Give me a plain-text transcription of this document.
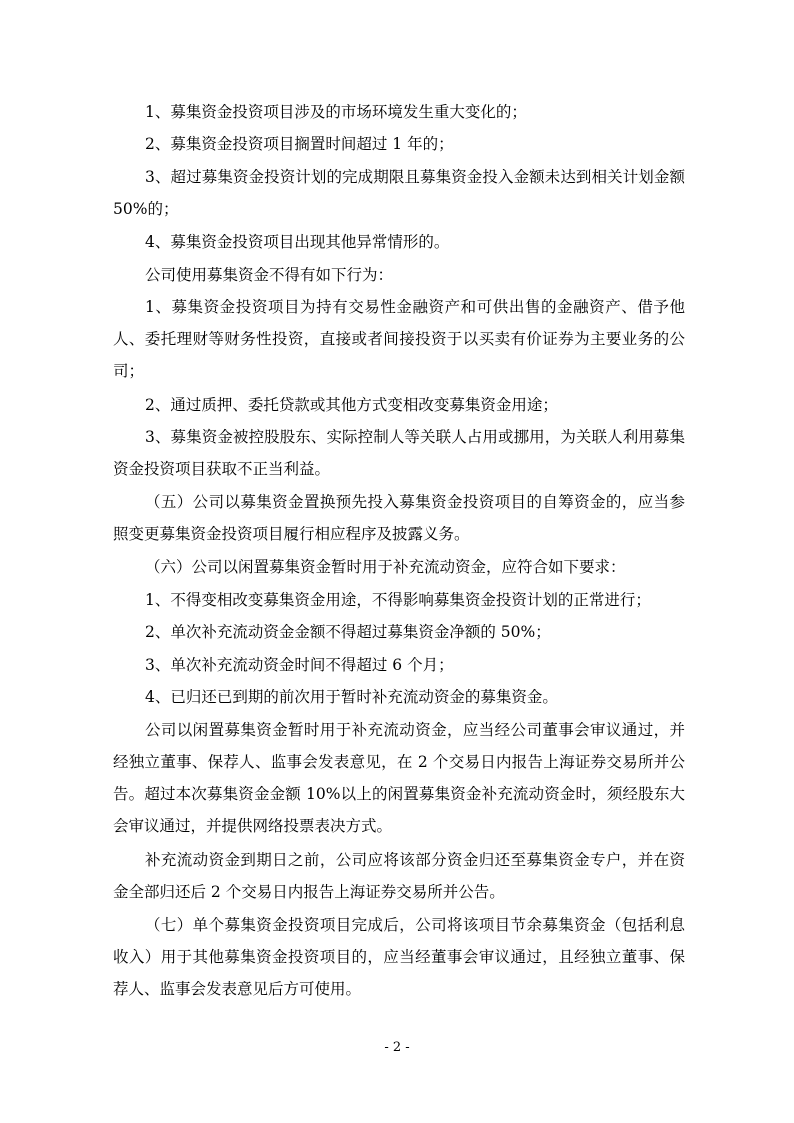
1、募集资金投资项目涉及的市场环境发生重大变化的；

2、募集资金投资项目搁置时间超过 1 年的；

3、超过募集资金投资计划的完成期限且募集资金投入金额未达到相关计划金额 50%的；

4、募集资金投资项目出现其他异常情形的。

公司使用募集资金不得有如下行为：

1、募集资金投资项目为持有交易性金融资产和可供出售的金融资产、借予他人、委托理财等财务性投资，直接或者间接投资于以买卖有价证券为主要业务的公司；

2、通过质押、委托贷款或其他方式变相改变募集资金用途；

3、募集资金被控股股东、实际控制人等关联人占用或挪用，为关联人利用募集资金投资项目获取不正当利益。

（五）公司以募集资金置换预先投入募集资金投资项目的自筹资金的，应当参照变更募集资金投资项目履行相应程序及披露义务。

（六）公司以闲置募集资金暂时用于补充流动资金，应符合如下要求：

1、不得变相改变募集资金用途，不得影响募集资金投资计划的正常进行；

2、单次补充流动资金金额不得超过募集资金净额的 50%；

3、单次补充流动资金时间不得超过 6 个月；

4、已归还已到期的前次用于暂时补充流动资金的募集资金。

公司以闲置募集资金暂时用于补充流动资金，应当经公司董事会审议通过，并经独立董事、保荐人、监事会发表意见，在 2 个交易日内报告上海证券交易所并公告。超过本次募集资金金额 10%以上的闲置募集资金补充流动资金时，须经股东大会审议通过，并提供网络投票表决方式。

补充流动资金到期日之前，公司应将该部分资金归还至募集资金专户，并在资金全部归还后 2 个交易日内报告上海证券交易所并公告。

（七）单个募集资金投资项目完成后，公司将该项目节余募集资金（包括利息收入）用于其他募集资金投资项目的，应当经董事会审议通过，且经独立董事、保荐人、监事会发表意见后方可使用。

- 2 -
